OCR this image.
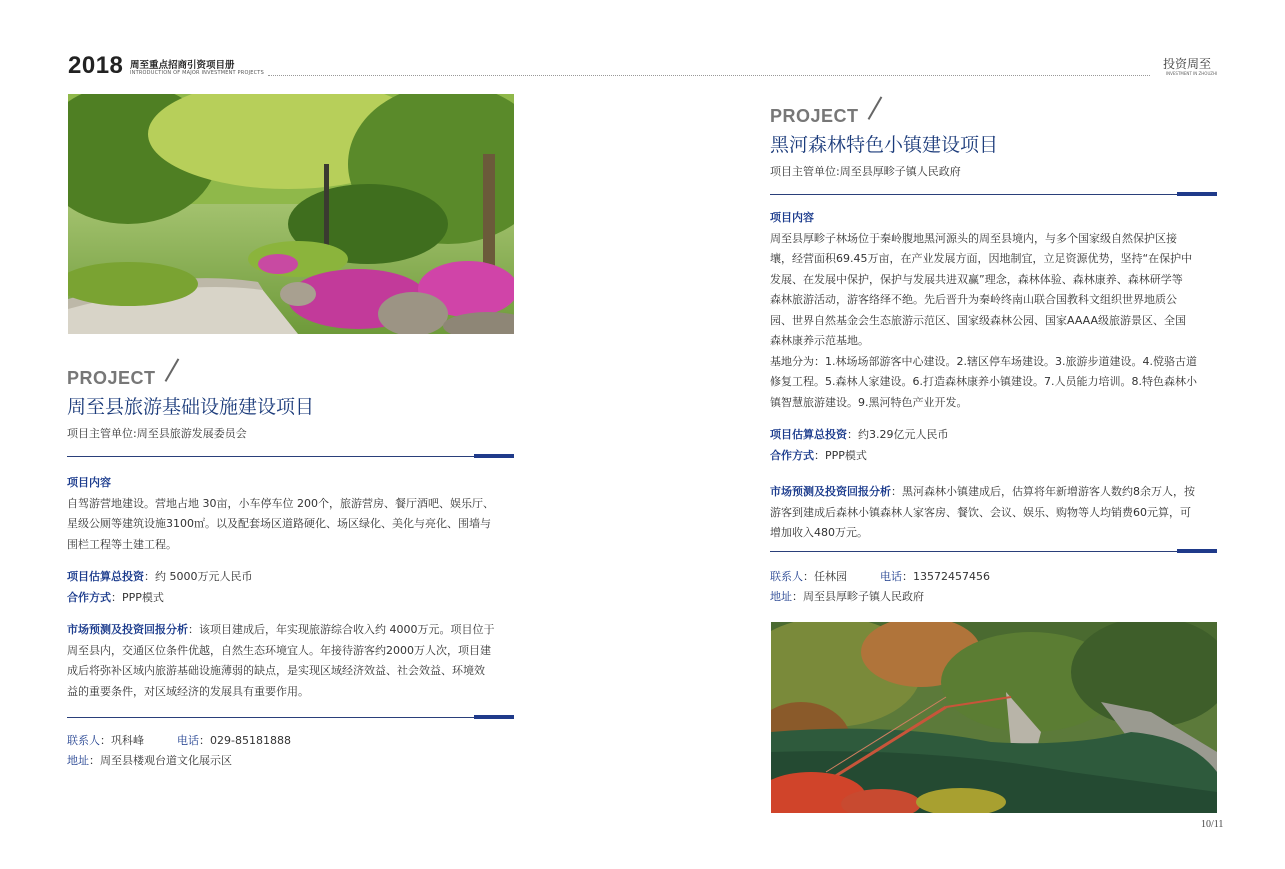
2018 周至重点招商引资项目册
INTRODUCTION OF MAJOR INVESTMENT PROJECTS
投资周至
INVESTMENT IN ZHOUZHI
PROJECT
周至县旅游基础设施建设项目
项目主管单位:周至县旅游发展委员会
项目内容
自驾游营地建设。营地占地 30亩，小车停车位 200个，旅游营房、餐厅酒吧、娱乐厅、
星级公厕等建筑设施3100㎡。以及配套场区道路硬化、场区绿化、美化与亮化、围墙与
围栏工程等土建工程。
项目估算总投资：约 5000万元人民币
合作方式：PPP模式
市场预测及投资回报分析：该项目建成后，年实现旅游综合收入约 4000万元。项目位于
周至县内，交通区位条件优越，自然生态环境宜人。年接待游客约2000万人次，项目建
成后将弥补区域内旅游基础设施薄弱的缺点，是实现区域经济效益、社会效益、环境效
益的重要条件，对区域经济的发展具有重要作用。
联系人：巩科峰	电话：029-85181888
地址：周至县楼观台道文化展示区
PROJECT
黑河森林特色小镇建设项目
项目主管单位:周至县厚畛子镇人民政府
项目内容
周至县厚畛子林场位于秦岭腹地黑河源头的周至县境内，与多个国家级自然保护区接
壤，经营面积69.45万亩，在产业发展方面，因地制宜，立足资源优势，坚持“在保护中
发展、在发展中保护，保护与发展共进双赢”理念，森林体验、森林康养、森林研学等
森林旅游活动，游客络绎不绝。先后晋升为秦岭终南山联合国教科文组织世界地质公
园、世界自然基金会生态旅游示范区、国家级森林公园、国家AAAA级旅游景区、全国
森林康养示范基地。
基地分为：1.林场场部游客中心建设。2.辖区停车场建设。3.旅游步道建设。4.傥骆古道
修复工程。5.森林人家建设。6.打造森林康养小镇建设。7.人员能力培训。8.特色森林小
镇智慧旅游建设。9.黑河特色产业开发。
项目估算总投资：约3.29亿元人民币
合作方式：PPP模式
市场预测及投资回报分析：黑河森林小镇建成后，估算将年新增游客人数约8余万人，按
游客到建成后森林小镇森林人家客房、餐饮、会议、娱乐、购物等人均销费60元算，可
增加收入480万元。
联系人：任林园	电话：13572457456
地址：周至县厚畛子镇人民政府
10/11
